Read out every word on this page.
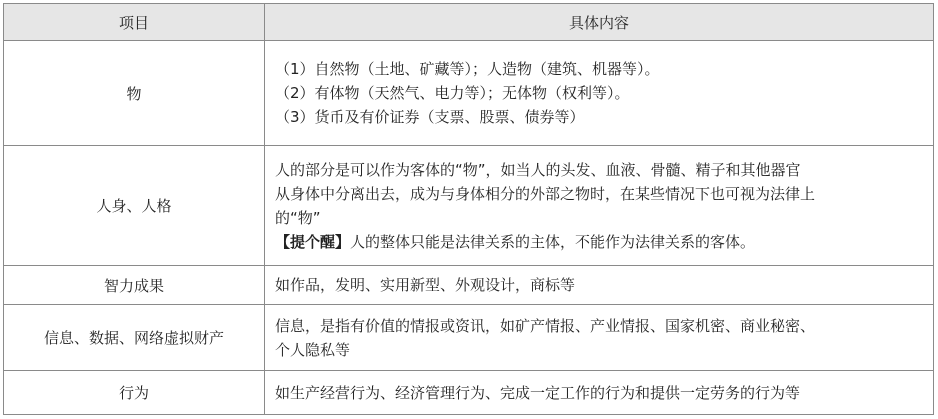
项目	具体内容
物	（1）自然物（土地、矿藏等）；人造物（建筑、机器等）。

（2）有体物（天然气、电力等）；无体物（权利等）。

（3）货币及有价证券（支票、股票、债券等）

人身、人格	人的部分是可以作为客体的“物”，如当人的头发、血液、骨髓、精子和其他器官

从身体中分离出去，成为与身体相分的外部之物时，在某些情况下也可视为法律上

的“物”

【提个醒】人的整体只能是法律关系的主体，不能作为法律关系的客体。

智力成果	如作品，发明、实用新型、外观设计，商标等

信息、数据、网络虚拟财产	信息，是指有价值的情报或资讯，如矿产情报、产业情报、国家机密、商业秘密、

个人隐私等

行为	如生产经营行为、经济管理行为、完成一定工作的行为和提供一定劳务的行为等
